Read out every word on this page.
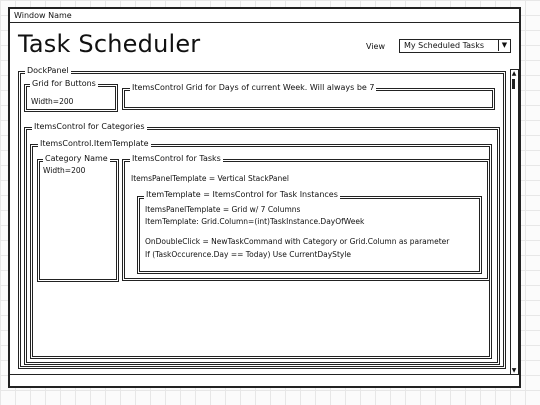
Window Name
Task Scheduler	View My Scheduled Tasks	▼
DockPanel
Grid for Buttons
Width=200
ItemsControl Grid for Days of current Week. Will always be 7
ItemsControl for Categories
ItemsControl.ItemTemplate
Category Name
Width=200
ItemsControl for Tasks
ItemsPanelTemplate = Vertical StackPanel
ItemTemplate = ItemsControl for Task Instances
ItemsPanelTemplate = Grid w/ 7 Columns
ItemTemplate: Grid.Column=(int)TaskInstance.DayOfWeek
OnDoubleClick = NewTaskCommand with Category or Grid.Column as parameter
If (TaskOccurence.Day == Today) Use CurrentDayStyle
▲
▼
